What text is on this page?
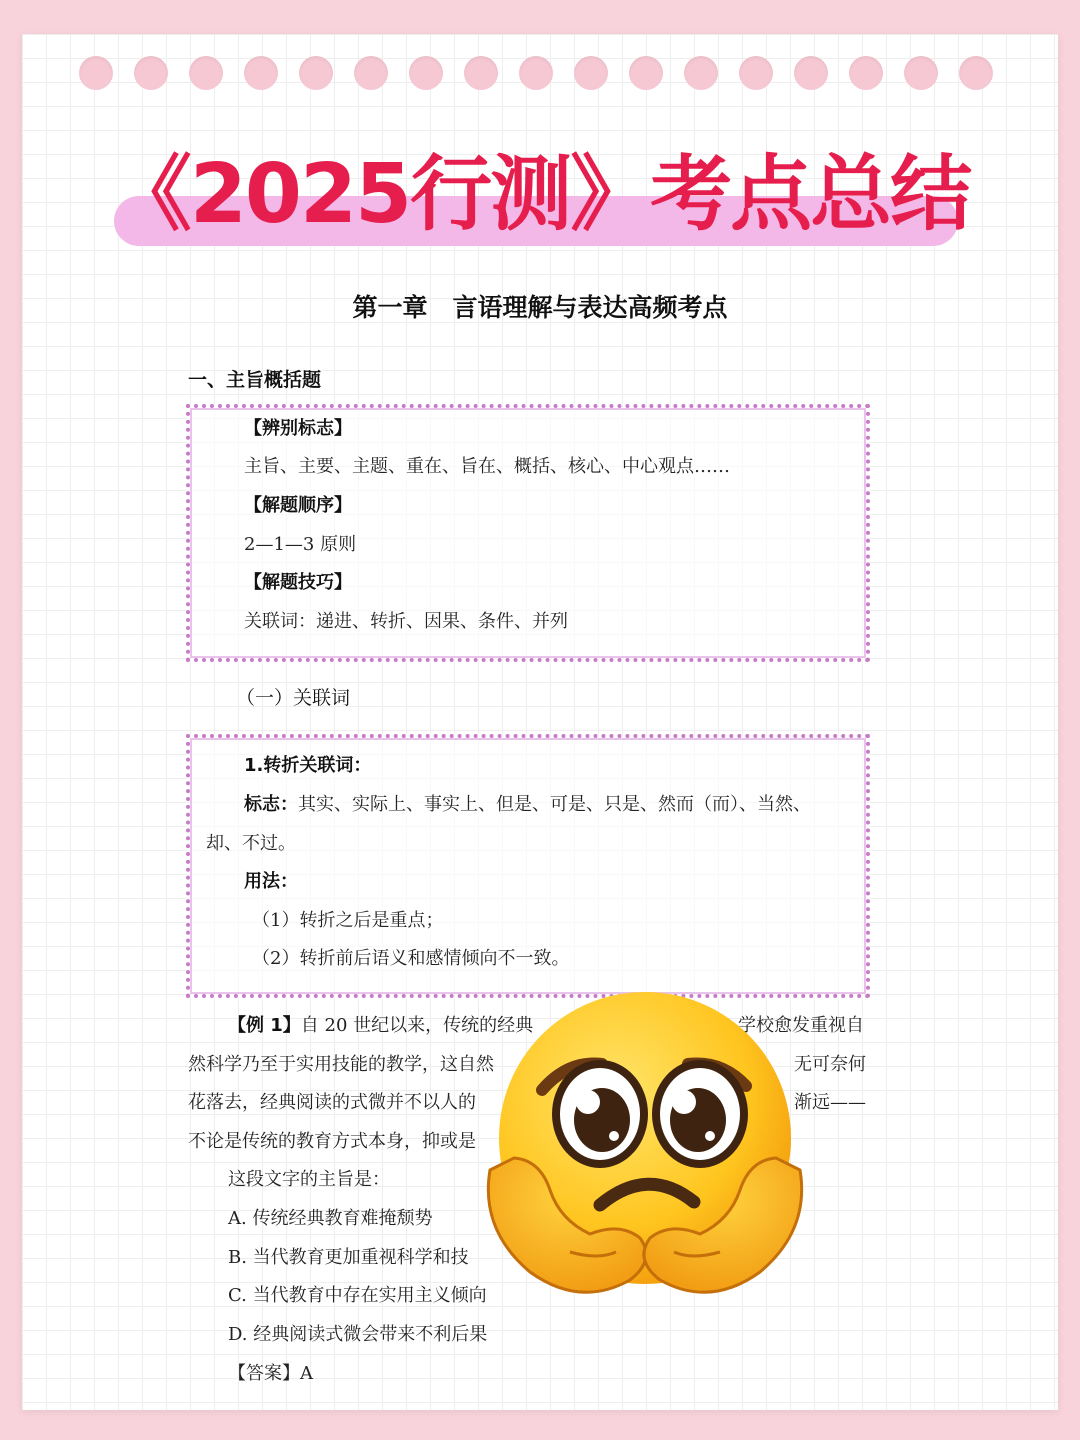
《2025行测》考点总结
第一章　言语理解与表达高频考点
一、主旨概括题
【辨别标志】
主旨、主要、主题、重在、旨在、概括、核心、中心观点……
【解题顺序】
2—1—3 原则
【解题技巧】
关联词：递进、转折、因果、条件、并列
（一）关联词
1.转折关联词：
标志：其实、实际上、事实上、但是、可是、只是、然而（而）、当然、
却、不过。
用法：
（1）转折之后是重点；
（2）转折前后语义和感情倾向不一致。
【例 1】自 20 世纪以来，传统的经典	学校愈发重视自
然科学乃至于实用技能的教学，这自然	无可奈何
花落去，经典阅读的式微并不以人的	渐远——
不论是传统的教育方式本身，抑或是
这段文字的主旨是：
A. 传统经典教育难掩颓势
B. 当代教育更加重视科学和技
C. 当代教育中存在实用主义倾向
D. 经典阅读式微会带来不利后果
【答案】A
